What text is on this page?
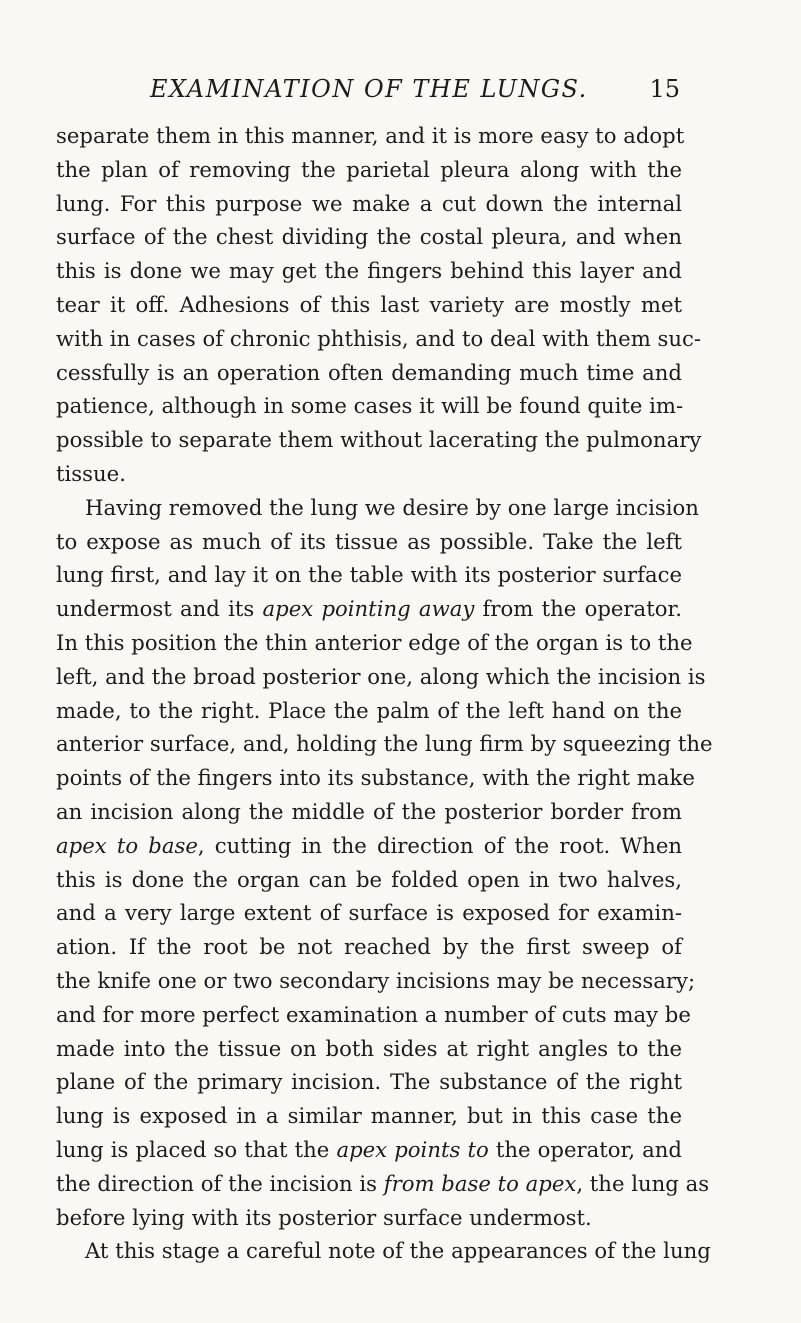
EXAMINATION OF THE LUNGS.	15
separate them in this manner, and it is more easy to adopt
the plan of removing the parietal pleura along with the
lung. For this purpose we make a cut down the internal
surface of the chest dividing the costal pleura, and when
this is done we may get the fingers behind this layer and
tear it off. Adhesions of this last variety are mostly met
with in cases of chronic phthisis, and to deal with them suc-
cessfully is an operation often demanding much time and
patience, although in some cases it will be found quite im-
possible to separate them without lacerating the pulmonary
tissue.
Having removed the lung we desire by one large incision
to expose as much of its tissue as possible. Take the left
lung first, and lay it on the table with its posterior surface
undermost and its apex pointing away from the operator.
In this position the thin anterior edge of the organ is to the
left, and the broad posterior one, along which the incision is
made, to the right. Place the palm of the left hand on the
anterior surface, and, holding the lung firm by squeezing the
points of the fingers into its substance, with the right make
an incision along the middle of the posterior border from
apex to base, cutting in the direction of the root. When
this is done the organ can be folded open in two halves,
and a very large extent of surface is exposed for examin-
ation. If the root be not reached by the first sweep of
the knife one or two secondary incisions may be necessary;
and for more perfect examination a number of cuts may be
made into the tissue on both sides at right angles to the
plane of the primary incision. The substance of the right
lung is exposed in a similar manner, but in this case the
lung is placed so that the apex points to the operator, and
the direction of the incision is from base to apex, the lung as
before lying with its posterior surface undermost.
At this stage a careful note of the appearances of the lung
